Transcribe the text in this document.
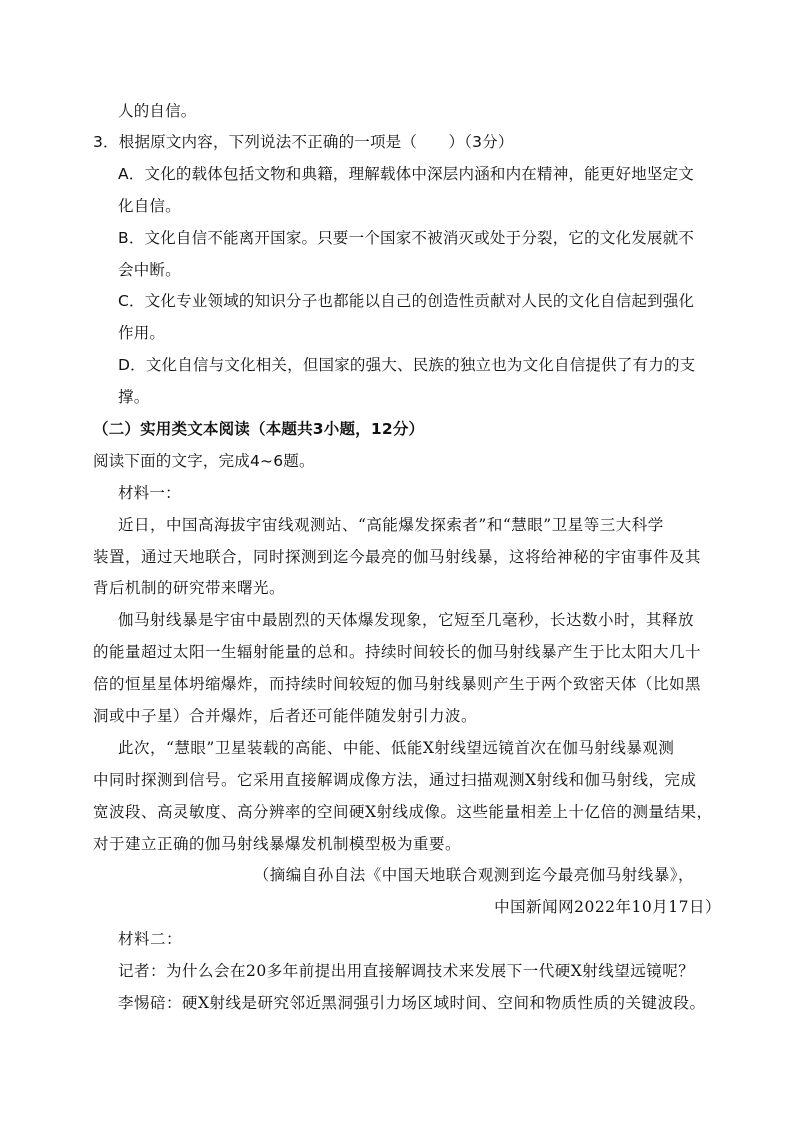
人的自信。
3．根据原文内容，下列说法不正确的一项是（　　）（3分）
A．文化的载体包括文物和典籍，理解载体中深层内涵和内在精神，能更好地坚定文
化自信。
B．文化自信不能离开国家。只要一个国家不被消灭或处于分裂，它的文化发展就不
会中断。
C．文化专业领域的知识分子也都能以自己的创造性贡献对人民的文化自信起到强化
作用。
D．文化自信与文化相关，但国家的强大、民族的独立也为文化自信提供了有力的支
撑。
（二）实用类文本阅读（本题共3小题，12分）
阅读下面的文字，完成4~6题。
材料一：
近日，中国高海拔宇宙线观测站、“高能爆发探索者”和“慧眼”卫星等三大科学
装置，通过天地联合，同时探测到迄今最亮的伽马射线暴，这将给神秘的宇宙事件及其
背后机制的研究带来曙光。
伽马射线暴是宇宙中最剧烈的天体爆发现象，它短至几毫秒，长达数小时，其释放
的能量超过太阳一生辐射能量的总和。持续时间较长的伽马射线暴产生于比太阳大几十
倍的恒星星体坍缩爆炸，而持续时间较短的伽马射线暴则产生于两个致密天体（比如黑
洞或中子星）合并爆炸，后者还可能伴随发射引力波。
此次，“慧眼”卫星装载的高能、中能、低能X射线望远镜首次在伽马射线暴观测
中同时探测到信号。它采用直接解调成像方法，通过扫描观测X射线和伽马射线，完成
宽波段、高灵敏度、高分辨率的空间硬X射线成像。这些能量相差上十亿倍的测量结果，
对于建立正确的伽马射线暴爆发机制模型极为重要。
（摘编自孙自法《中国天地联合观测到迄今最亮伽马射线暴》，
中国新闻网2022年10月17日）
材料二：
记者：为什么会在20多年前提出用直接解调技术来发展下一代硬X射线望远镜呢？
李惕碚：硬X射线是研究邻近黑洞强引力场区域时间、空间和物质性质的关键波段。
